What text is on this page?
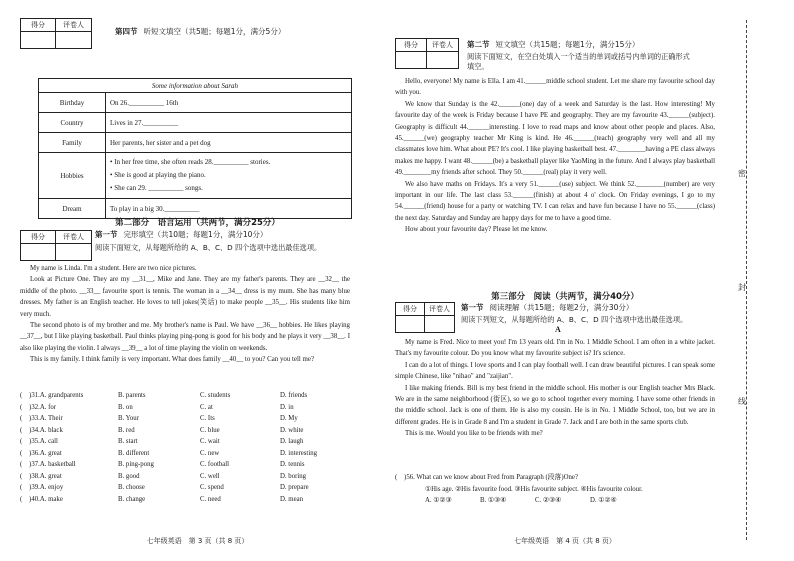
得分	评卷人
第四节 听短文填空（共5题；每题1分，满分5分）
Some information about Sarah	
Birthday	On 26.__________ 16th
Country	Lives in 27.__________
Family	Her parents, her sister and a pet dog
Hobbies	• In her free time, she often reads 28.__________ stories.
• She is good at playing the piano.
• She can 29. __________ songs.

Dream	To play in a big 30.__________
第二部分　语言运用（共两节，满分25分）
得分	评卷人	第一节 完形填空（共10题；每题1分，满分10分）
阅读下面短文，从每题所给的 A、B、C、D 四个选项中选出最佳选项。

My name is Linda. I'm a student. Here are two nice pictures.

Look at Picture One. They are my __31__, Mike and Jane. They are my father's parents. They are __32__ the middle of the photo. __33__ favourite sport is tennis. The woman in a __34__ dress is my mum. She has many blue dresses. My father is an English teacher. He loves to tell jokes(笑话) to make people __35__. His students like him very much.

The second photo is of my brother and me. My brother's name is Paul. We have __36__ hobbies. He likes playing __37__, but I like playing basketball. Paul thinks playing ping-pong is good for his body and he plays it very __38__. I also like playing the violin. I always __39__ a lot of time playing the violin on weekends.

This is my family. I think family is very important. What does family __40__ to you? Can you tell me?

(　)31.A. grandparents	B. parents	C. students	D. friends
(　)32.A. for	B. on	C. at	D. in
(　)33.A. Their	B. Your	C. Its	D. My
(　)34.A. black	B. red	C. blue	D. white
(　)35.A. call	B. start	C. wait	D. laugh
(　)36.A. great	B. different	C. new	D. interesting
(　)37.A. basketball	B. ping-pong	C. football	D. tennis
(　)38.A. great	B. good	C. well	D. boring
(　)39.A. enjoy	B. choose	C. spend	D. prepare
(　)40.A. make	B. change	C. need	D. mean
七年级英语　第 3 页（共 8 页）
得分	评卷人	第二节 短文填空（共15题；每题1分，满分15分）
阅读下面短文，在空白处填入一个适当的单词或括号内单词的正确形式
填空。

Hello, everyone! My name is Ella. I am 41.______middle school student. Let me share my favourite school day with you.

We know that Sunday is the 42.______(one) day of a week and Saturday is the last. How interesting! My favourite day of the week is Friday because I have PE and geography. They are my favourite 43.______(subject). Geography is difficult 44.______interesting. I love to read maps and know about other people and places. Also, 45.______(we) geography teacher Mr King is kind. He 46.______(teach) geography very well and all my classmates love him. What about PE? It's cool. I like playing basketball best. 47.________having a PE class always makes me happy. I want 48.______(be) a basketball player like YaoMing in the future. And I always play basketball 49.________my friends after school. They 50.______(real) play it very well.

We also have maths on Fridays. It's a very 51.______(use) subject. We think 52.________(number) are very important in our life. The last class 53.______(finish) at about 4 o' clock. On Friday evenings, I go to my 54.______(friend) house for a party or watching TV. I can relax and have fun because I have no 55.______(class) the next day. Saturday and Sunday are happy days for me to have a good time.

How about your favourite day? Please let me know.

第三部分　阅读（共两节，满分40分）
得分	评卷人	第一节 阅读理解（共15题；每题2分，满分30分）
阅读下列短文，从每题所给的 A、B、C、D 四个选项中选出最佳选项。
A

My name is Fred. Nice to meet you! I'm 13 years old. I'm in No. 1 Middle School. I am often in a white jacket. That's my favourite colour. Do you know what my favourite subject is? It's science.

I can do a lot of things. I love sports and I can play football well. I can draw beautiful pictures. I can speak some simple Chinese, like "nihao" and "zaijian".

I like making friends. Bill is my best friend in the middle school. His mother is our English teacher Mrs Black. We are in the same neighborhood (街区), so we go to school together every morning. I have some other friends in the middle school. Jack is one of them. He is also my cousin. He is in No. 1 Middle School, too, but we are in different grades. He is in Grade 8 and I'm a student in Grade 7. Jack and I are both in the same sports club.

This is me. Would you like to be friends with me?

(　)56. What can we know about Fred from Paragraph (段落)One?
①His age. ②His favourite food. ③His favourite subject. ④His favourite colour.
A. ①②③	B. ①③④	C. ②③④	D. ①②④
七年级英语　第 4 页（共 8 页）
密
封
线
